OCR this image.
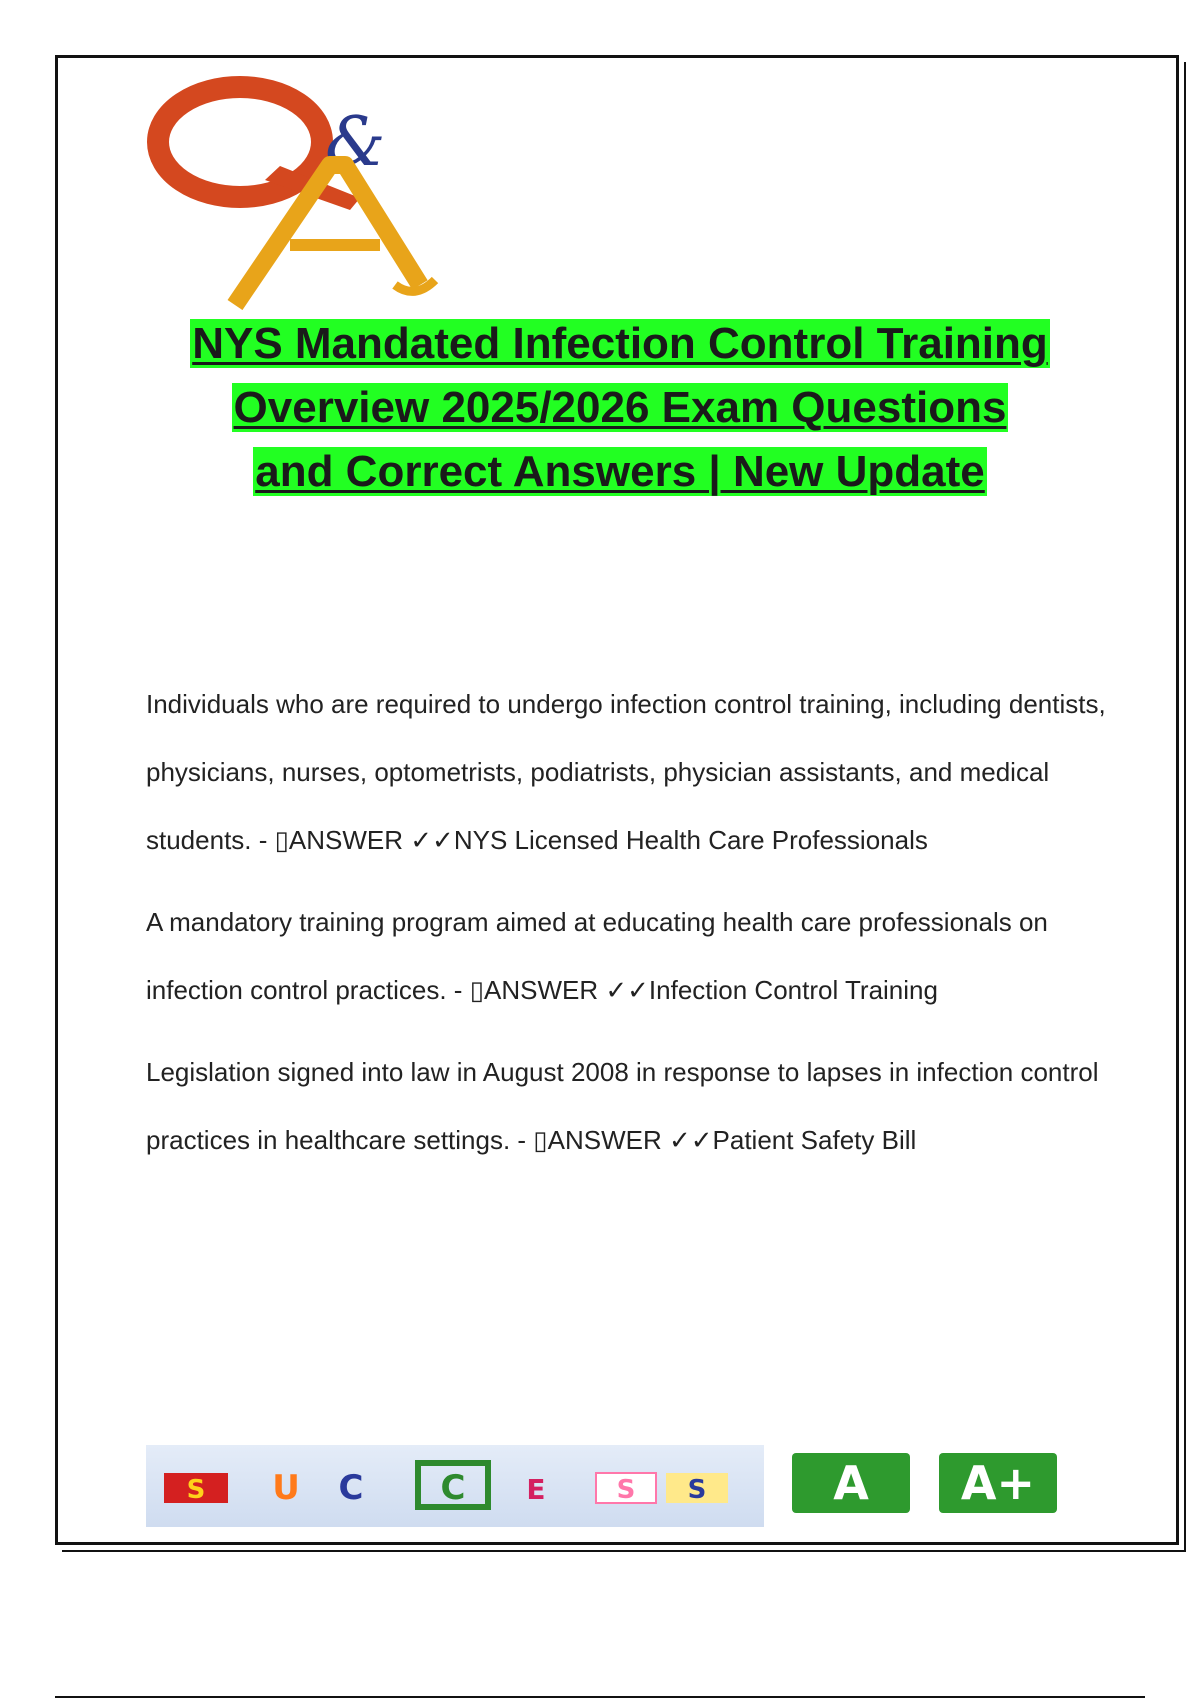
&
NYS Mandated Infection Control Training
Overview 2025/2026 Exam Questions
and Correct Answers | New Update

Individuals who are required to undergo infection control training, including dentists, physicians, nurses, optometrists, podiatrists, physician assistants, and medical students. - ▯ANSWER ✓✓NYS Licensed Health Care Professionals

A mandatory training program aimed at educating health care professionals on infection control practices. - ▯ANSWER ✓✓Infection Control Training

Legislation signed into law in August 2008 in response to lapses in infection control practices in healthcare settings. - ▯ANSWER ✓✓Patient Safety Bill

S U C C E	S S	A	A+
